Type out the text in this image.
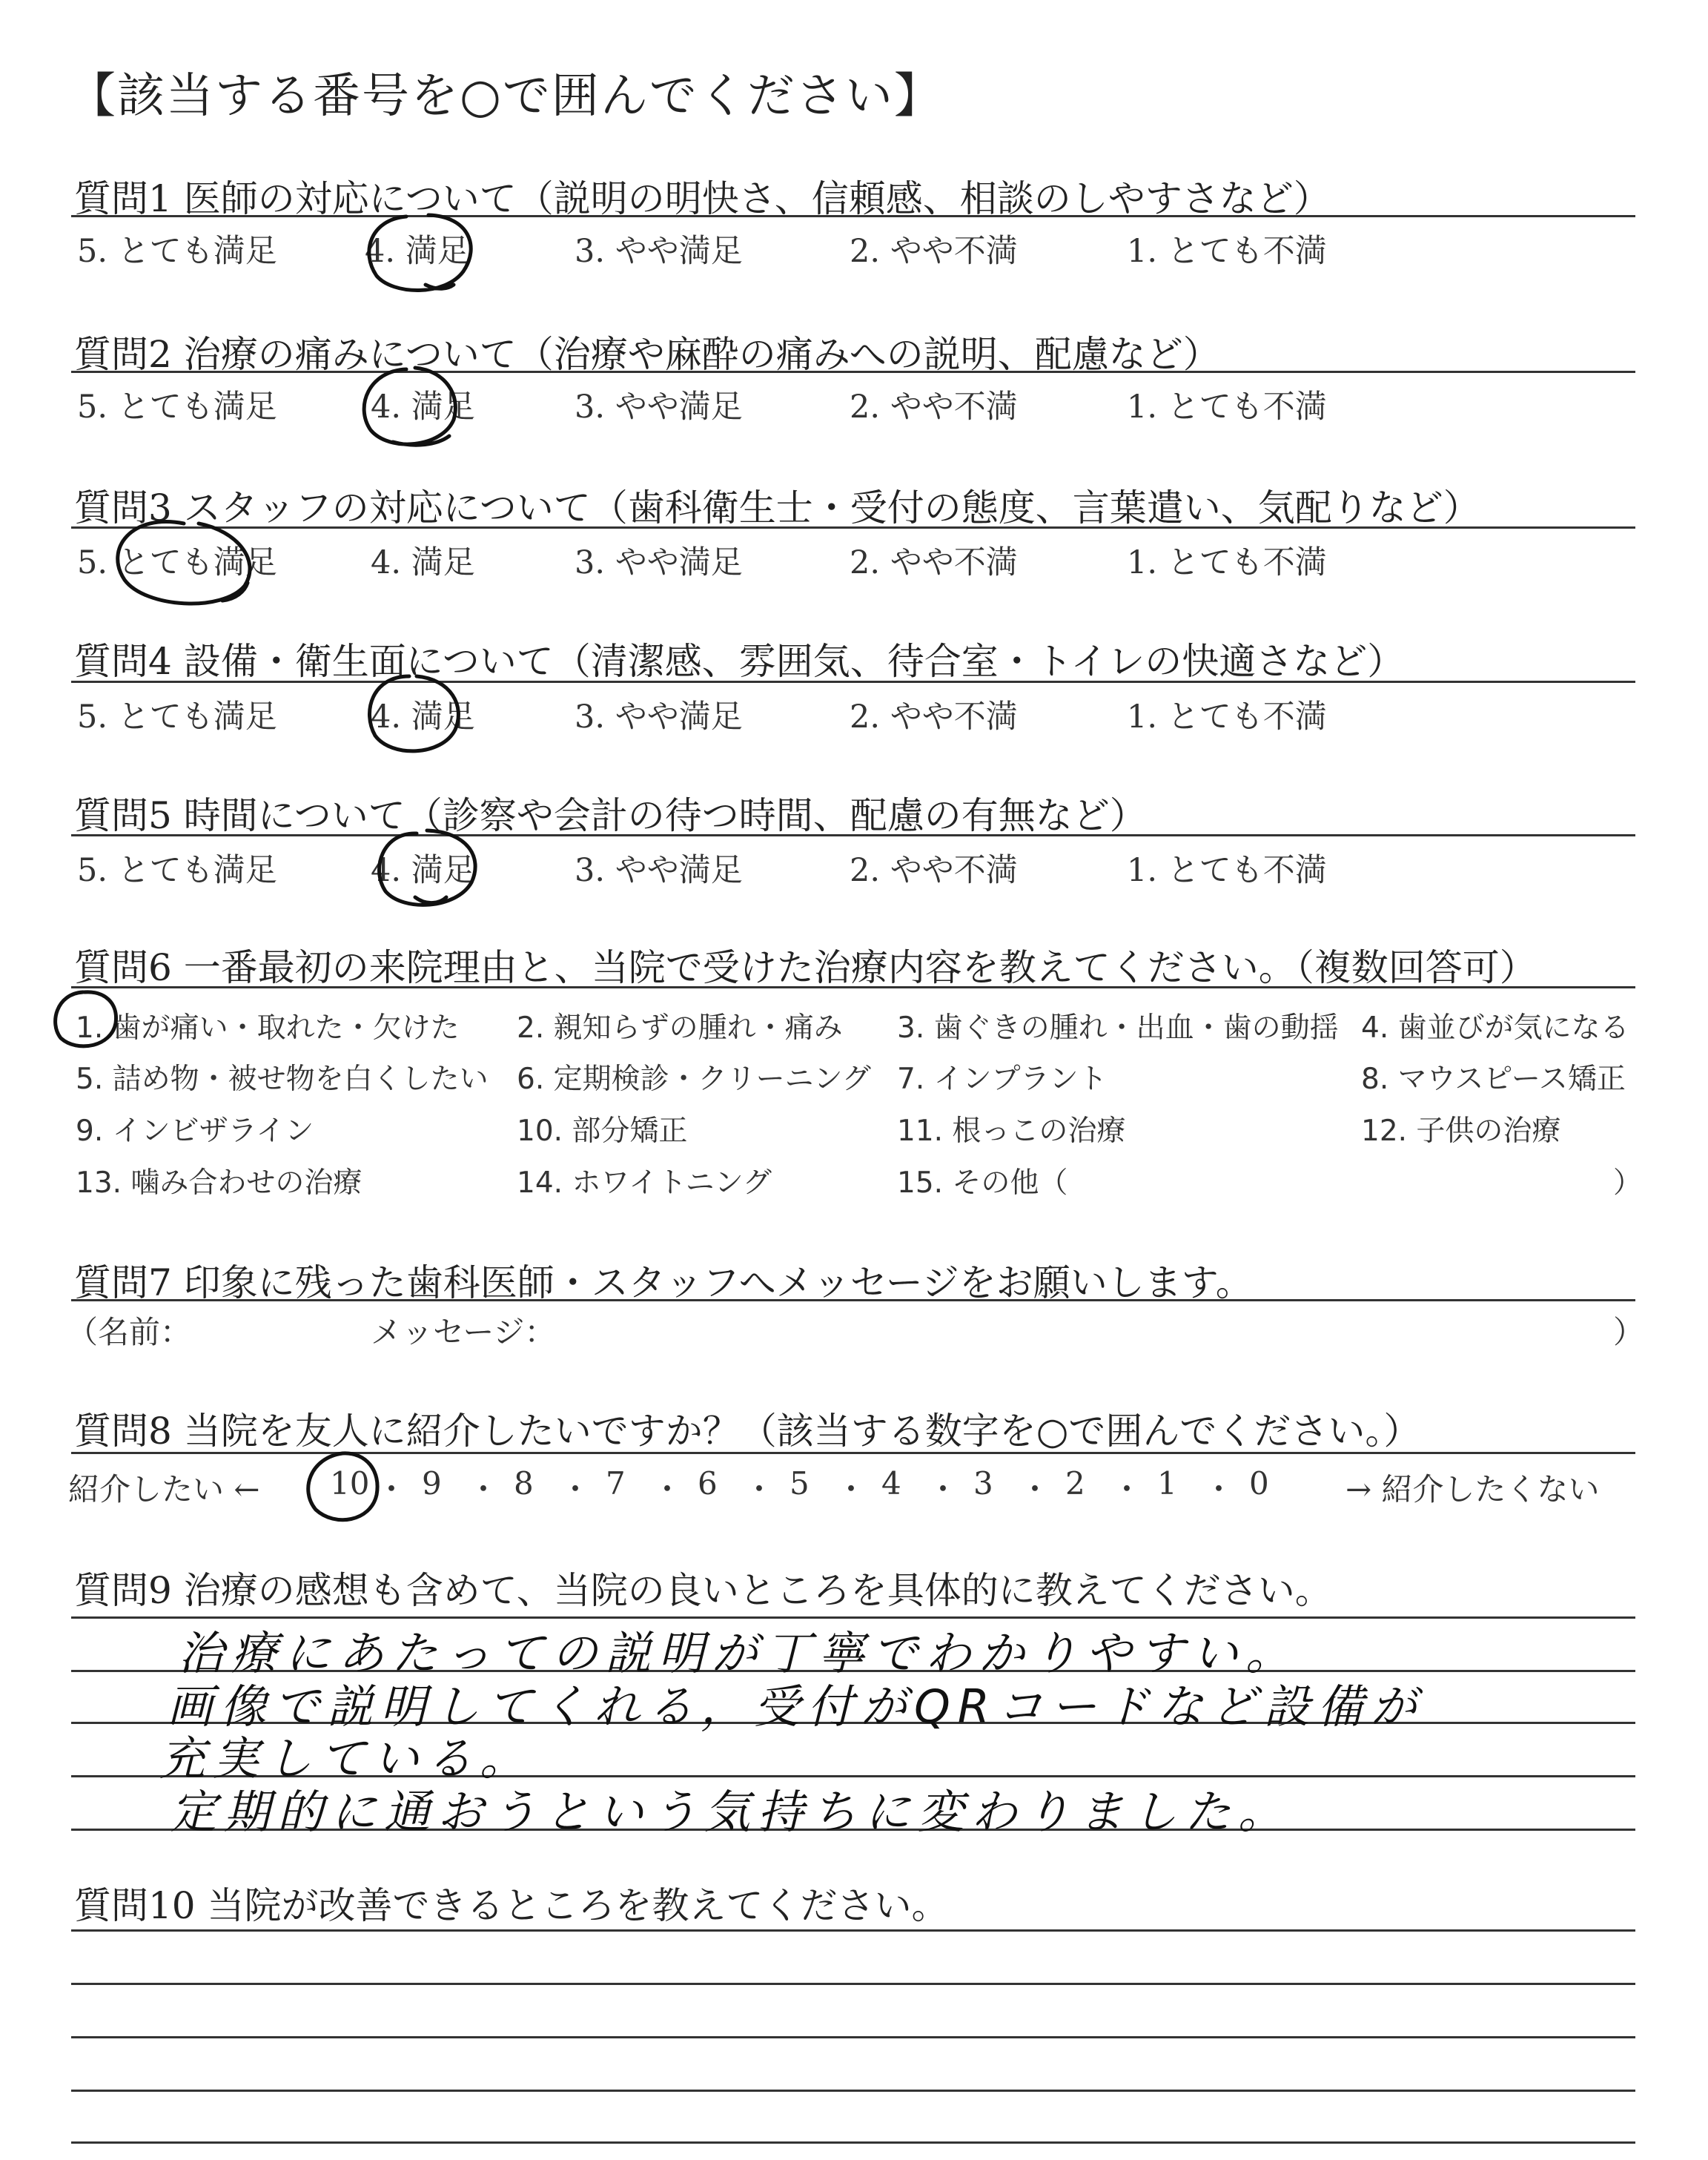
【該当する番号を○で囲んでください】
質問1 医師の対応について（説明の明快さ、信頼感、相談のしやすさなど）
5. とても満足	4. 満足	3. やや満足	2. やや不満	1. とても不満
質問2 治療の痛みについて（治療や麻酔の痛みへの説明、配慮など）
5. とても満足	4. 満足	3. やや満足	2. やや不満	1. とても不満
質問3 スタッフの対応について（歯科衛生士・受付の態度、言葉遣い、気配りなど）
5. とても満足	4. 満足	3. やや満足	2. やや不満	1. とても不満
質問4 設備・衛生面について（清潔感、雰囲気、待合室・トイレの快適さなど）
5. とても満足	4. 満足	3. やや満足	2. やや不満	1. とても不満
質問5 時間について（診察や会計の待つ時間、配慮の有無など）
5. とても満足	4. 満足	3. やや満足	2. やや不満	1. とても不満
質問6 一番最初の来院理由と、当院で受けた治療内容を教えてください。（複数回答可）
1. 歯が痛い・取れた・欠けた 2. 親知らずの腫れ・痛み 3. 歯ぐきの腫れ・出血・歯の動揺 4. 歯並びが気になる
5. 詰め物・被せ物を白くしたい 6. 定期検診・クリーニング 7. インプラント	8. マウスピース矯正
9. インビザライン	10. 部分矯正	11. 根っこの治療	12. 子供の治療
13. 噛み合わせの治療	14. ホワイトニング	15. その他（	）
質問7 印象に残った歯科医師・スタッフへメッセージをお願いします。
（名前：	メッセージ：	）
質問8 当院を友人に紹介したいですか？（該当する数字を○で囲んでください。）
紹介したい ←	→ 紹介したくない
10 ・ 9 ・ 8 ・ 7 ・ 6 ・ 5 ・ 4 ・ 3 ・ 2 ・ 1 ・ 0
質問9 治療の感想も含めて、当院の良いところを具体的に教えてください。
治療にあたっての説明が丁寧でわかりやすい。
画像で説明してくれる，受付がQRコードなど設備が
充実している。
定期的に通おうという気持ちに変わりました。
質問10 当院が改善できるところを教えてください。
